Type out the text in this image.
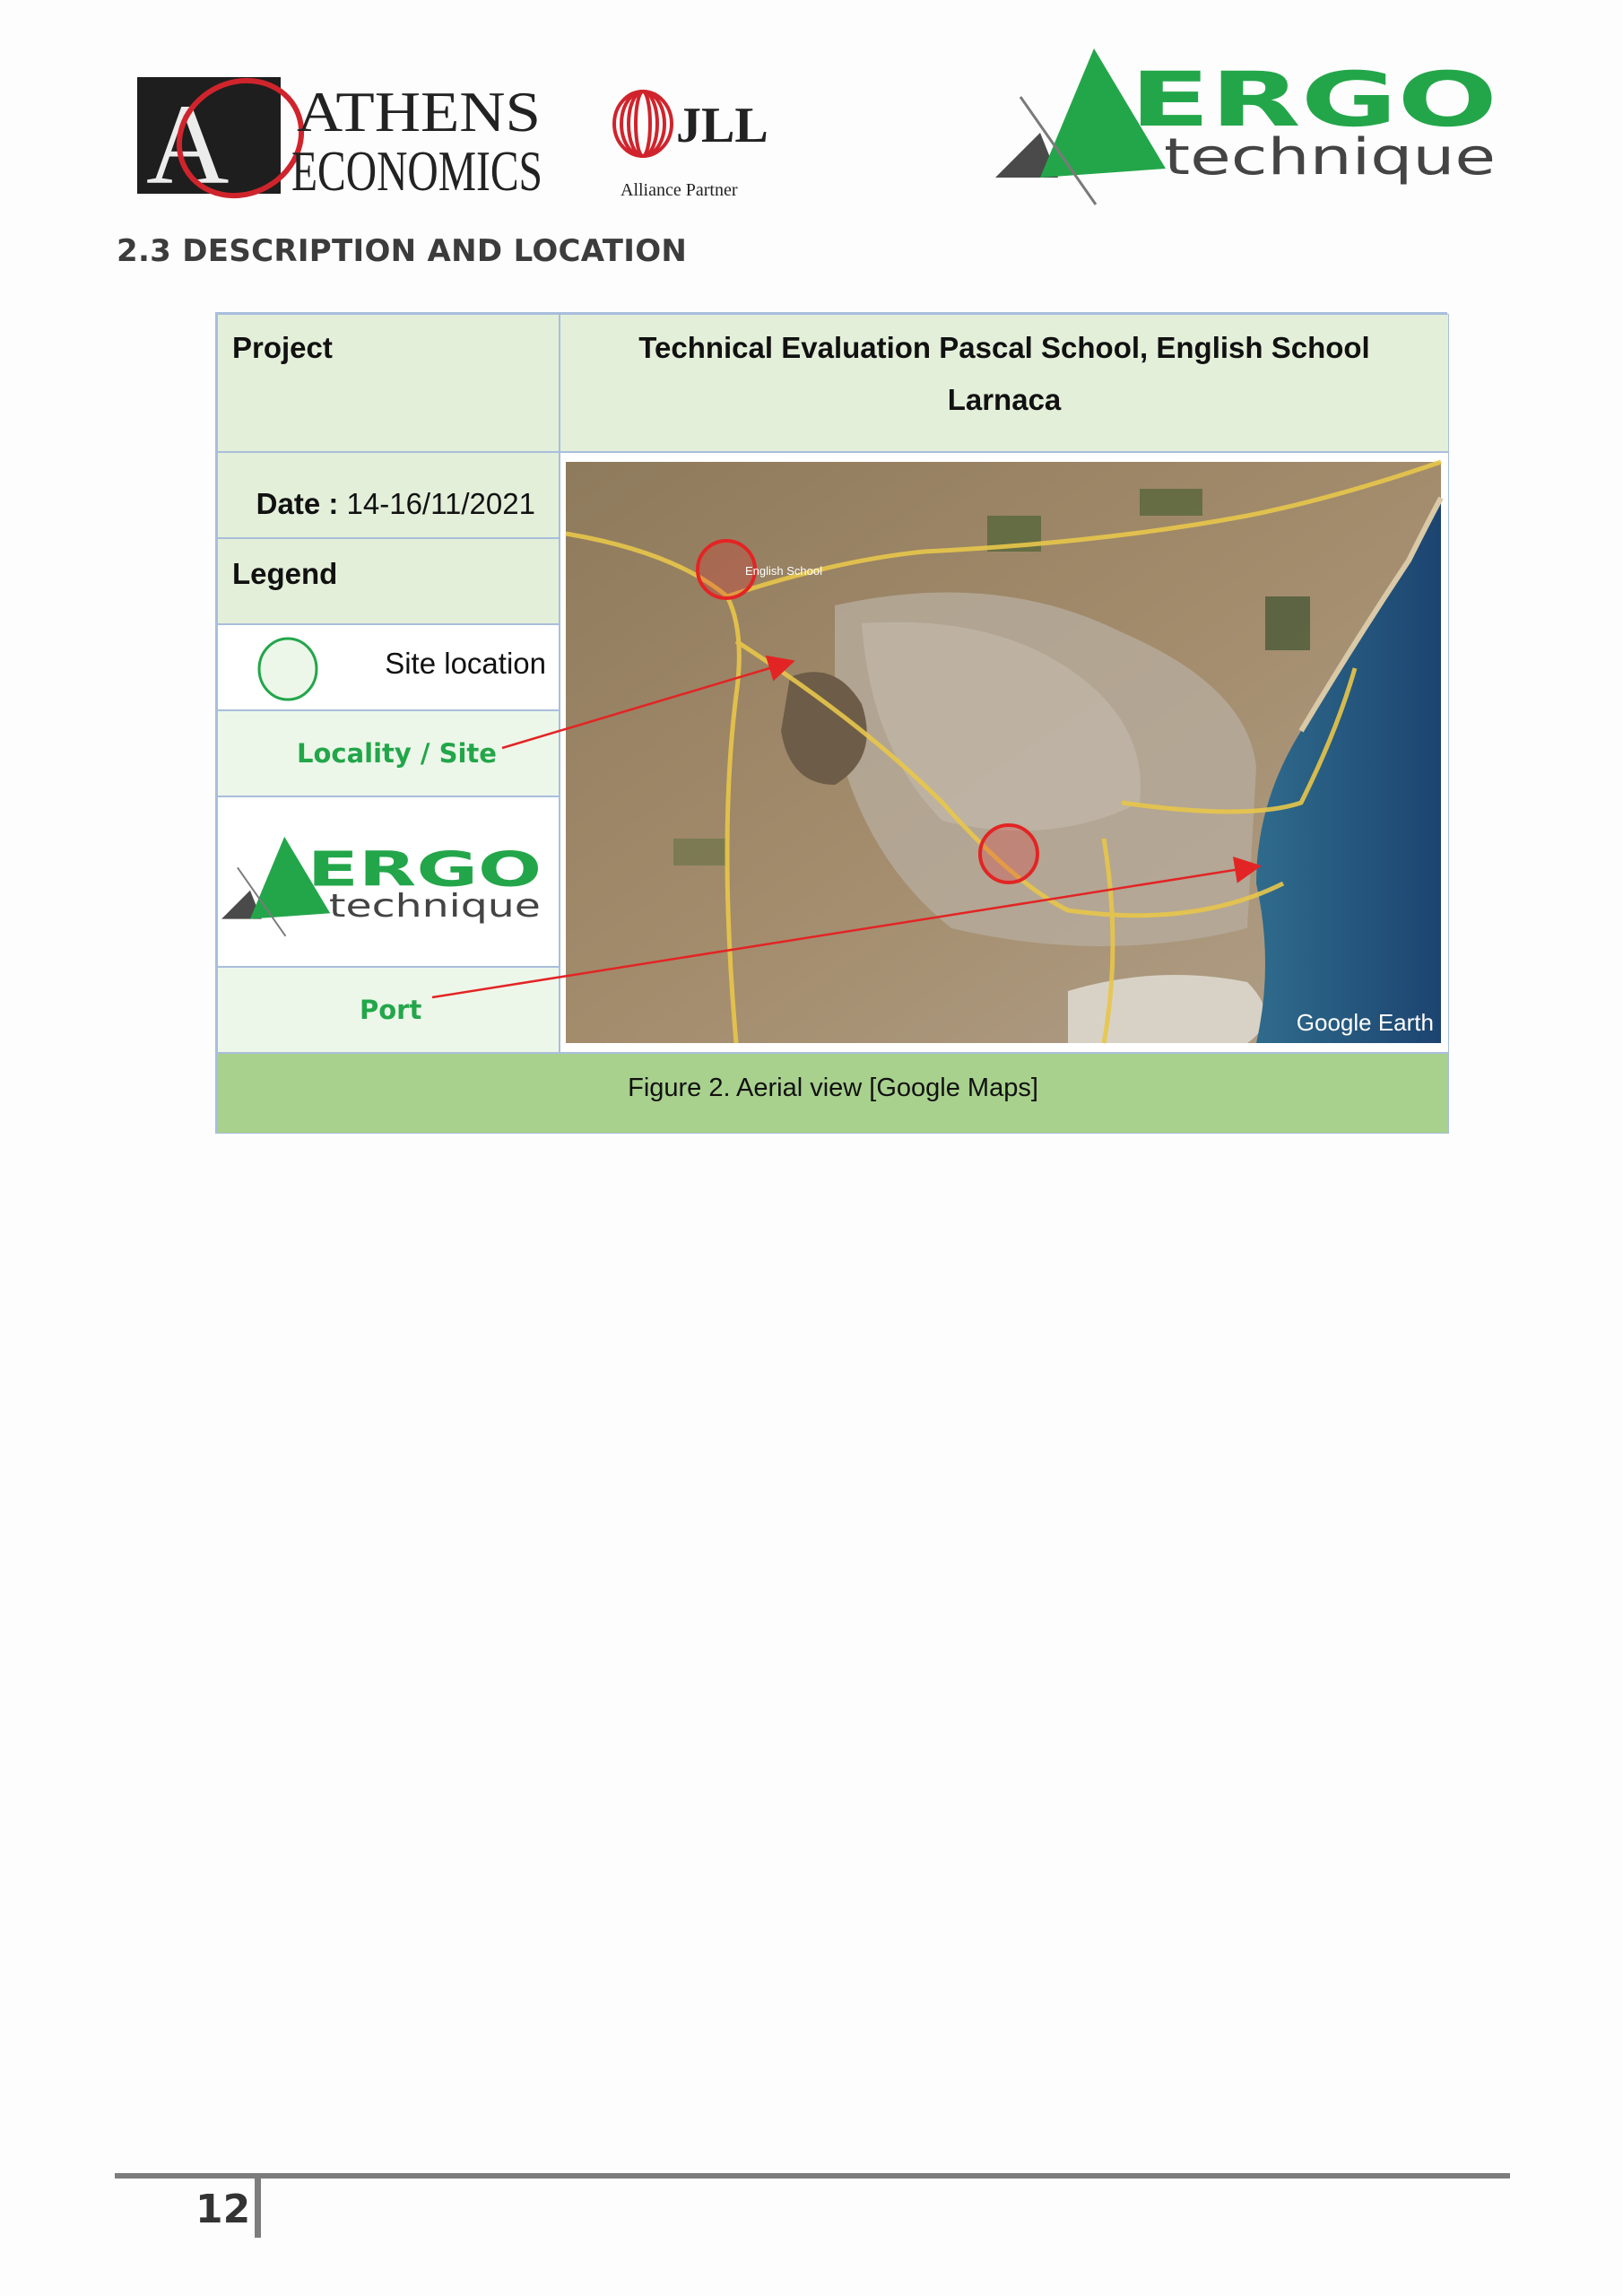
A ATHENS
ECONOMICS
JLL
Alliance Partner
ERGO
technique
2.3 DESCRIPTION AND LOCATION
Project	Technical Evaluation Pascal School, English School
Larnaca

Date : 14-16/11/2021

Legend
Site location
Locality / Site
ERGO
technique
Port
English School
Google Earth
Figure 2. Aerial view [Google Maps]
12
